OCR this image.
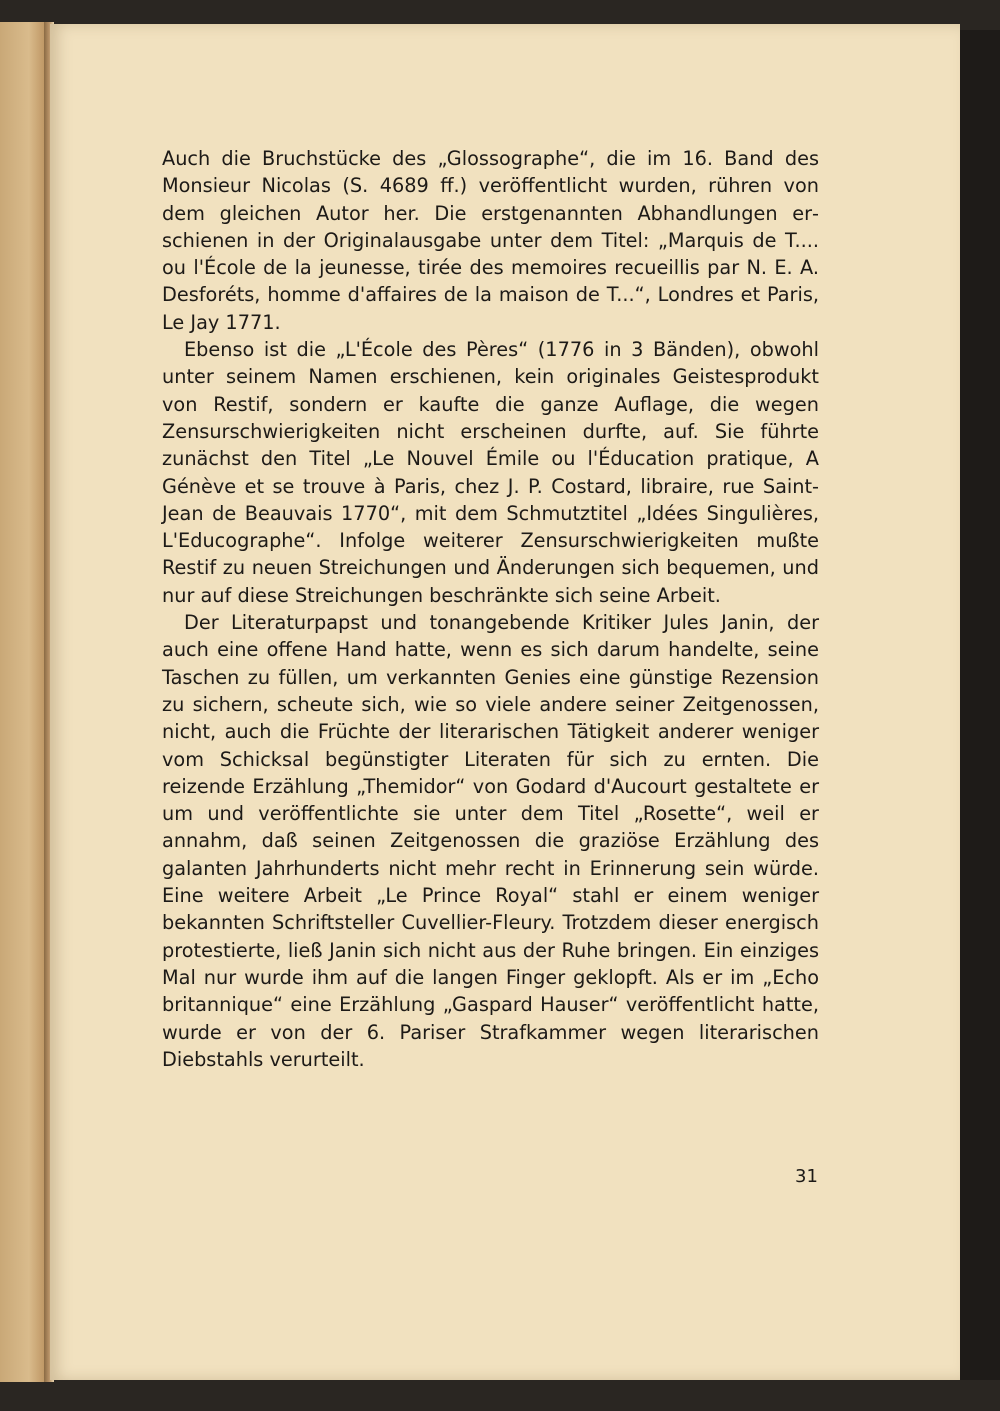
Auch die Bruchstücke des „Glossographe“, die im 16. Band des Monsieur Nicolas (S. 4689 ff.) veröffentlicht wurden, rühren von dem gleichen Autor her. Die erstgenannten Abhandlungen erschienen in der Originalausgabe unter dem Titel: „Marquis de T.... ou l'École de la jeunesse, tirée des memoires recueillis par N. E. A. Desforéts, homme d'affaires de la maison de T...“, Londres et Paris, Le Jay 1771.

Ebenso ist die „L'École des Pères“ (1776 in 3 Bänden), obwohl unter seinem Namen erschienen, kein originales Geistesprodukt von Restif, sondern er kaufte die ganze Auflage, die wegen Zensurschwierigkeiten nicht erscheinen durfte, auf. Sie führte zunächst den Titel „Le Nouvel Émile ou l'Éducation pratique, A Génève et se trouve à Paris, chez J. P. Costard, libraire, rue Saint-Jean de Beauvais 1770“, mit dem Schmutztitel „Idées Singulières, L'Educographe“. Infolge weiterer Zensurschwierigkeiten mußte Restif zu neuen Streichungen und Änderungen sich bequemen, und nur auf diese Streichungen beschränkte sich seine Arbeit.

Der Literaturpapst und tonangebende Kritiker Jules Janin, der auch eine offene Hand hatte, wenn es sich darum handelte, seine Taschen zu füllen, um verkannten Genies eine günstige Rezension zu sichern, scheute sich, wie so viele andere seiner Zeitgenossen, nicht, auch die Früchte der literarischen Tätigkeit anderer weniger vom Schicksal begünstigter Literaten für sich zu ernten. Die reizende Erzählung „Themidor“ von Godard d'Aucourt gestaltete er um und veröffentlichte sie unter dem Titel „Rosette“, weil er annahm, daß seinen Zeitgenossen die graziöse Erzählung des galanten Jahrhunderts nicht mehr recht in Erinnerung sein würde. Eine weitere Arbeit „Le Prince Royal“ stahl er einem weniger bekannten Schriftsteller Cuvellier-Fleury. Trotzdem dieser energisch protestierte, ließ Janin sich nicht aus der Ruhe bringen. Ein einziges Mal nur wurde ihm auf die langen Finger geklopft. Als er im „Echo britannique“ eine Erzählung „Gaspard Hauser“ veröffentlicht hatte, wurde er von der 6. Pariser Strafkammer wegen literarischen Diebstahls verurteilt.

31
